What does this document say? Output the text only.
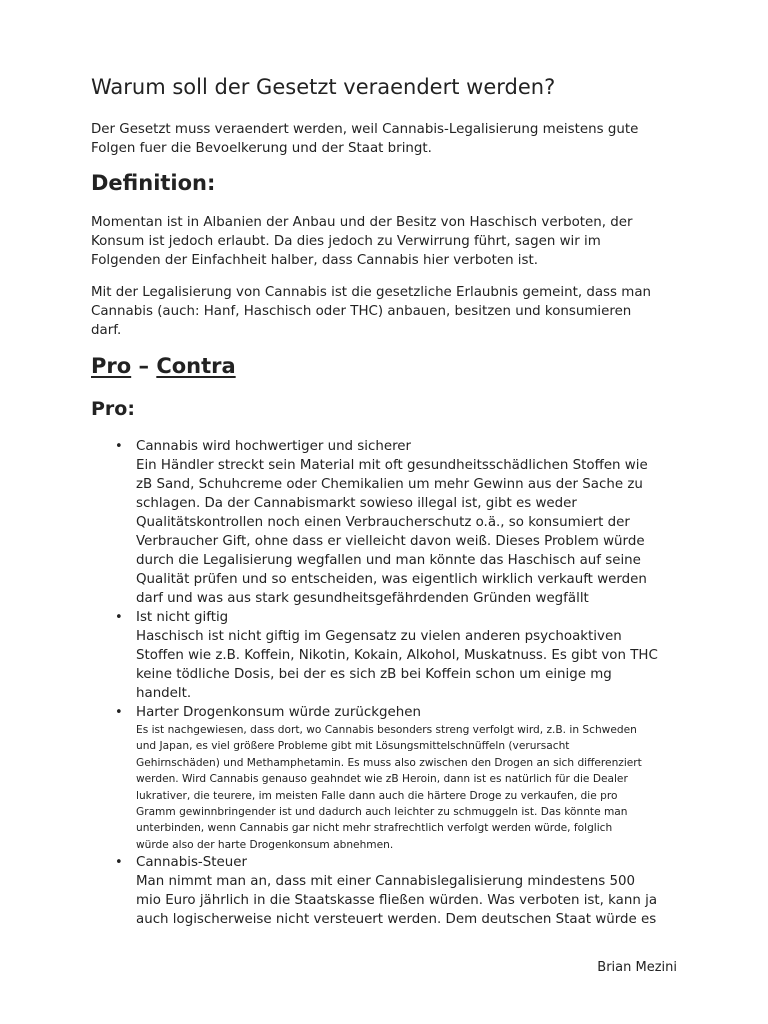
Warum soll der Gesetzt veraendert werden?

Der Gesetzt muss veraendert werden, weil Cannabis-Legalisierung meistens gute
Folgen fuer die Bevoelkerung und der Staat bringt.

Definition:

Momentan ist in Albanien der Anbau und der Besitz von Haschisch verboten, der
Konsum ist jedoch erlaubt. Da dies jedoch zu Verwirrung führt, sagen wir im
Folgenden der Einfachheit halber, dass Cannabis hier verboten ist.

Mit der Legalisierung von Cannabis ist die gesetzliche Erlaubnis gemeint, dass man
Cannabis (auch: Hanf, Haschisch oder THC) anbauen, besitzen und konsumieren
darf.

Pro – Contra
Pro:
• Cannabis wird hochwertiger und sicherer
Ein Händler streckt sein Material mit oft gesundheitsschädlichen Stoffen wie
zB Sand, Schuhcreme oder Chemikalien um mehr Gewinn aus der Sache zu
schlagen. Da der Cannabismarkt sowieso illegal ist, gibt es weder
Qualitätskontrollen noch einen Verbraucherschutz o.ä., so konsumiert der
Verbraucher Gift, ohne dass er vielleicht davon weiß. Dieses Problem würde
durch die Legalisierung wegfallen und man könnte das Haschisch auf seine
Qualität prüfen und so entscheiden, was eigentlich wirklich verkauft werden
darf und was aus stark gesundheitsgefährdenden Gründen wegfällt
• Ist nicht giftig
Haschisch ist nicht giftig im Gegensatz zu vielen anderen psychoaktiven
Stoffen wie z.B. Koffein, Nikotin, Kokain, Alkohol, Muskatnuss. Es gibt von THC
keine tödliche Dosis, bei der es sich zB bei Koffein schon um einige mg
handelt.
• Harter Drogenkonsum würde zurückgehen
Es ist nachgewiesen, dass dort, wo Cannabis besonders streng verfolgt wird, z.B. in Schweden
und Japan, es viel größere Probleme gibt mit Lösungsmittelschnüffeln (verursacht
Gehirnschäden) und Methamphetamin. Es muss also zwischen den Drogen an sich differenziert
werden. Wird Cannabis genauso geahndet wie zB Heroin, dann ist es natürlich für die Dealer
lukrativer, die teurere, im meisten Falle dann auch die härtere Droge zu verkaufen, die pro
Gramm gewinnbringender ist und dadurch auch leichter zu schmuggeln ist. Das könnte man
unterbinden, wenn Cannabis gar nicht mehr strafrechtlich verfolgt werden würde, folglich
würde also der harte Drogenkonsum abnehmen.
• Cannabis-Steuer
Man nimmt man an, dass mit einer Cannabislegalisierung mindestens 500
mio Euro jährlich in die Staatskasse fließen würden. Was verboten ist, kann ja
auch logischerweise nicht versteuert werden. Dem deutschen Staat würde es
Brian Mezini
